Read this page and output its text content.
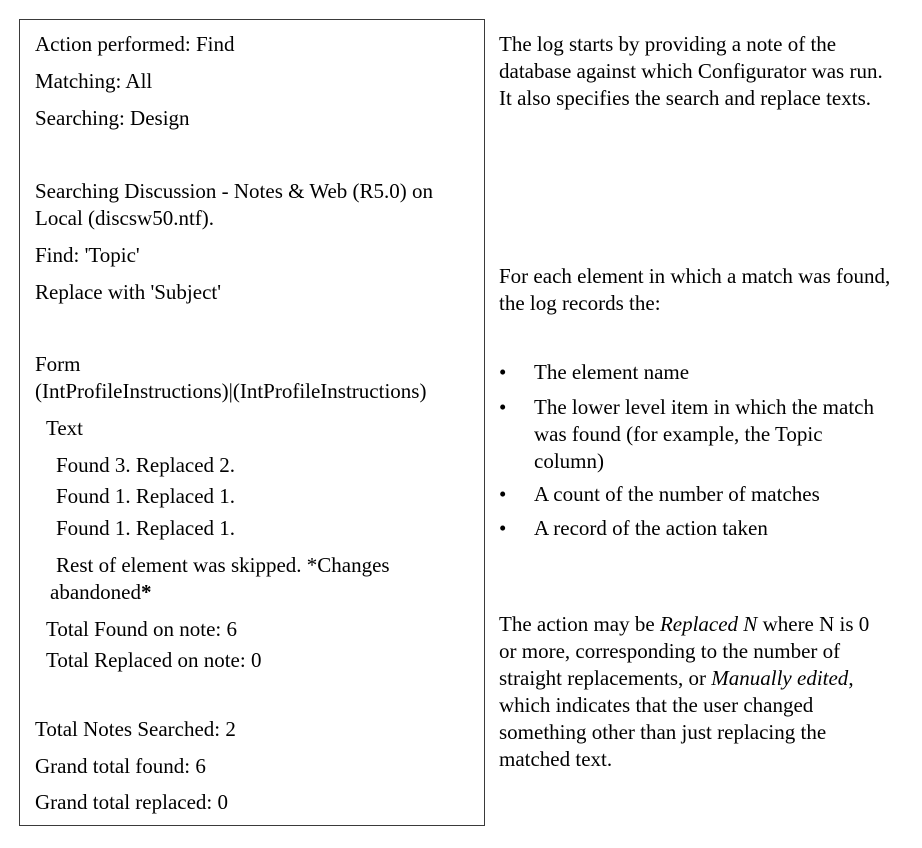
Action performed: Find

Matching: All

Searching: Design

Searching Discussion - Notes & Web (R5.0) on

Local (discsw50.ntf).

Find: 'Topic'

Replace with 'Subject'

Form

(IntProfileInstructions)|(IntProfileInstructions)

Text

Found 3. Replaced 2.

Found 1. Replaced 1.

Found 1. Replaced 1.

Rest of element was skipped. *Changes

abandoned*

Total Found on note: 6

Total Replaced on note: 0

Total Notes Searched: 2

Grand total found: 6

Grand total replaced: 0

The log starts by providing a note of the

database against which Configurator was run.

It also specifies the search and replace texts.

For each element in which a match was found,

the log records the:

• The element name

• The lower level item in which the match

was found (for example, the Topic

column)

• A count of the number of matches

• A record of the action taken

The action may be Replaced N where N is 0

or more, corresponding to the number of

straight replacements, or Manually edited,

which indicates that the user changed

something other than just replacing the

matched text.
